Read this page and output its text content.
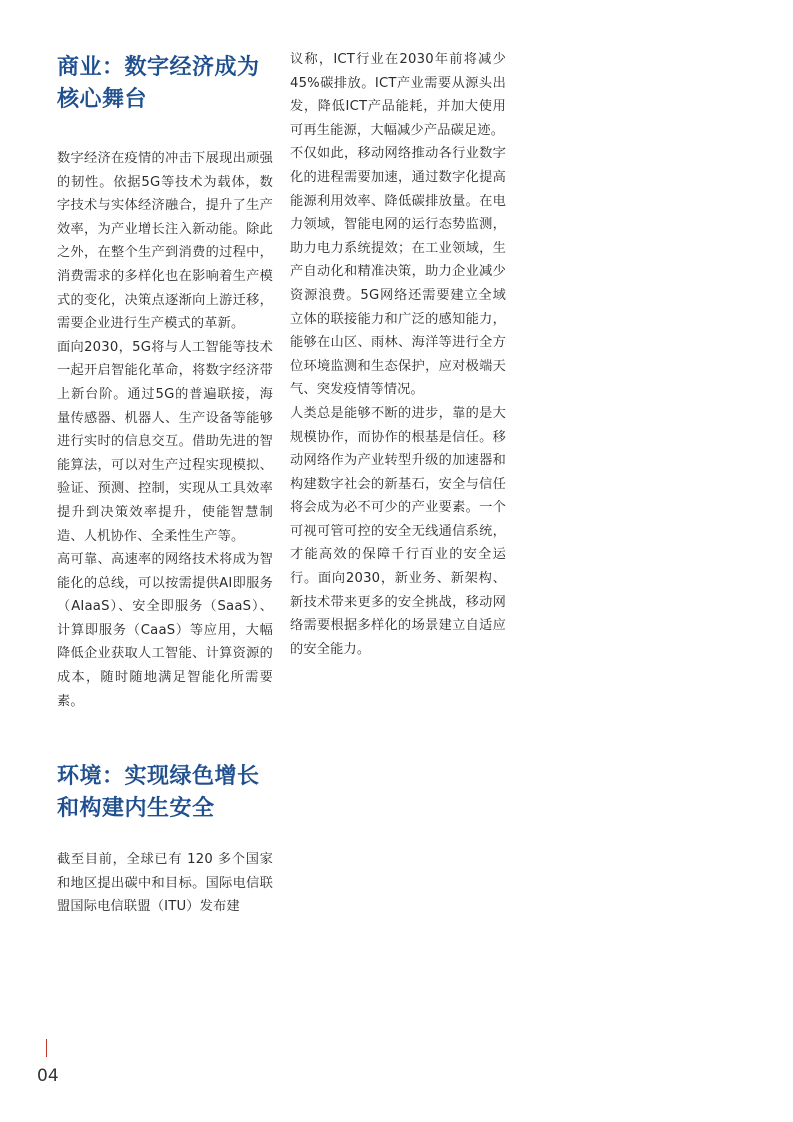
商业：数字经济成为核心舞台

数字经济在疫情的冲击下展现出顽强的韧性。依据5G等技术为载体，数字技术与实体经济融合，提升了生产效率，为产业增长注入新动能。除此之外，在整个生产到消费的过程中，消费需求的多样化也在影响着生产模式的变化，决策点逐渐向上游迁移，需要企业进行生产模式的革新。

面向2030，5G将与人工智能等技术一起开启智能化革命，将数字经济带上新台阶。通过5G的普遍联接，海量传感器、机器人、生产设备等能够进行实时的信息交互。借助先进的智能算法，可以对生产过程实现模拟、验证、预测、控制，实现从工具效率提升到决策效率提升，使能智慧制造、人机协作、全柔性生产等。

高可靠、高速率的网络技术将成为智能化的总线，可以按需提供AI即服务（AIaaS）、安全即服务（SaaS）、计算即服务（CaaS）等应用，大幅降低企业获取人工智能、计算资源的成本，随时随地满足智能化所需要素。

环境：实现绿色增长和构建内生安全

截至目前，全球已有 120 多个国家和地区提出碳中和目标。国际电信联盟国际电信联盟（ITU）发布建

议称，ICT行业在2030年前将减少45%碳排放。ICT产业需要从源头出发，降低ICT产品能耗，并加大使用可再生能源，大幅减少产品碳足迹。

不仅如此，移动网络推动各行业数字化的进程需要加速，通过数字化提高能源利用效率、降低碳排放量。在电力领域，智能电网的运行态势监测，助力电力系统提效；在工业领域，生产自动化和精准决策，助力企业减少资源浪费。5G网络还需要建立全域立体的联接能力和广泛的感知能力，能够在山区、雨林、海洋等进行全方位环境监测和生态保护，应对极端天气、突发疫情等情况。

人类总是能够不断的进步，靠的是大规模协作，而协作的根基是信任。移动网络作为产业转型升级的加速器和构建数字社会的新基石，安全与信任将会成为必不可少的产业要素。一个可视可管可控的安全无线通信系统，才能高效的保障千行百业的安全运行。面向2030，新业务、新架构、新技术带来更多的安全挑战，移动网络需要根据多样化的场景建立自适应的安全能力。

04
